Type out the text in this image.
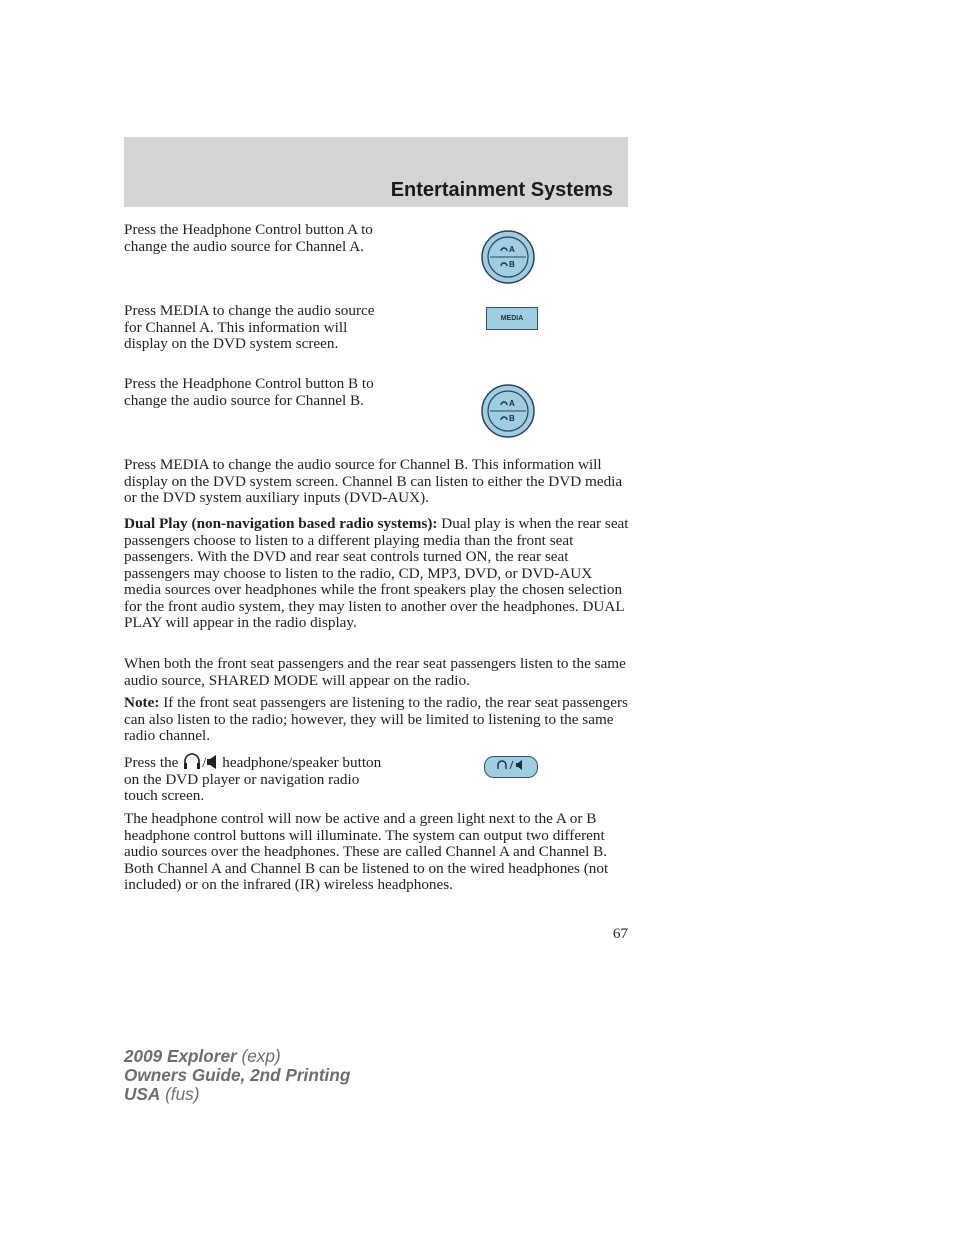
Entertainment Systems
Press the Headphone Control button A to change the audio source for Channel A.	A
B
Press MEDIA to change the audio source for Channel A. This information will display on the DVD system screen.
MEDIA
Press the Headphone Control button B to change the audio source for Channel B.	A
B
Press MEDIA to change the audio source for Channel B. This information will display on the DVD system screen. Channel B can listen to either the DVD media or the DVD system auxiliary inputs (DVD-AUX).
Dual Play (non-navigation based radio systems): Dual play is when the rear seat passengers choose to listen to a different playing media than the front seat passengers. With the DVD and rear seat controls turned ON, the rear seat passengers may choose to listen to the radio, CD, MP3, DVD, or DVD-AUX media sources over headphones while the front speakers play the chosen selection for the front audio system, they may listen to another over the headphones. DUAL PLAY will appear in the radio display.
When both the front seat passengers and the rear seat passengers listen to the same audio source, SHARED MODE will appear on the radio.
Note: If the front seat passengers are listening to the radio, the rear seat passengers can also listen to the radio; however, they will be limited to listening to the same radio channel.
Press the / headphone/speaker button on the DVD player or navigation radio touch screen.
The headphone control will now be active and a green light next to the A or B headphone control buttons will illuminate. The system can output two different audio sources over the headphones. These are called Channel A and Channel B. Both Channel A and Channel B can be listened to on the wired headphones (not included) or on the infrared (IR) wireless headphones.
67
2009 Explorer (exp)
Owners Guide, 2nd Printing
USA (fus)
